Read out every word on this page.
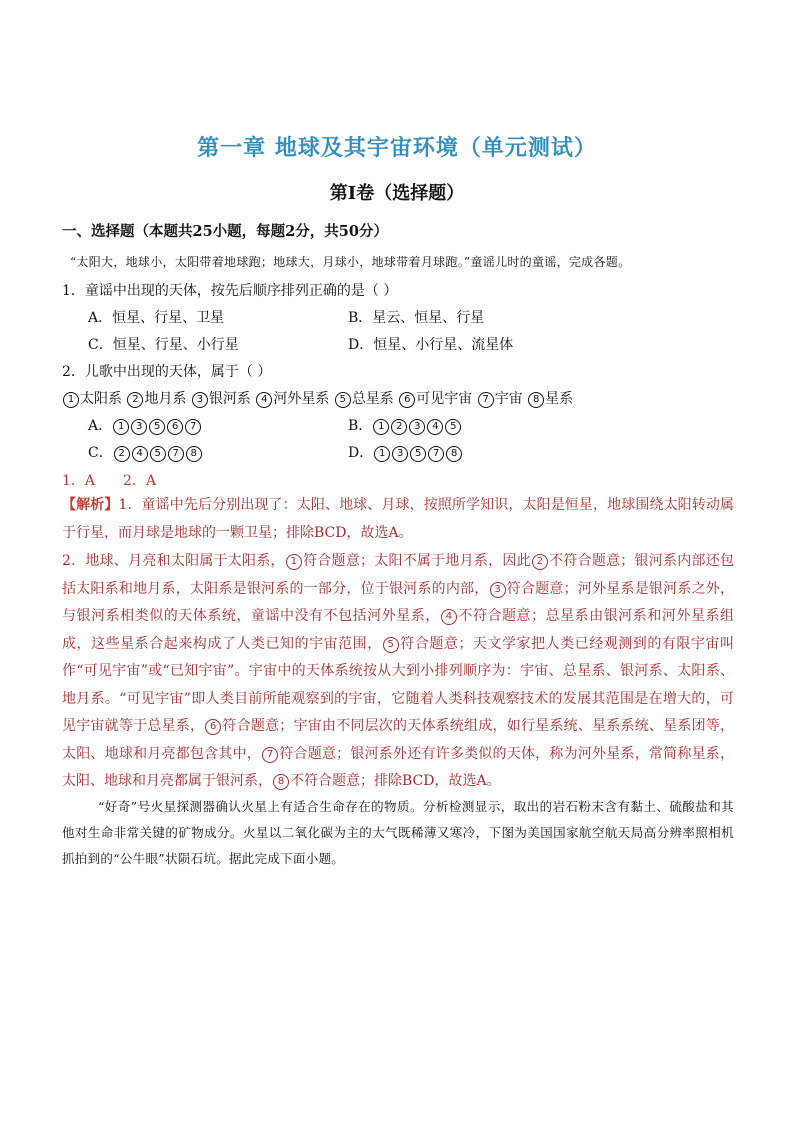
第一章 地球及其宇宙环境（单元测试）
第Ⅰ卷（选择题）
一、选择题（本题共25小题，每题2分，共50分）
“太阳大，地球小，太阳带着地球跑；地球大，月球小，地球带着月球跑。”童谣儿时的童谣，完成各题。
1．童谣中出现的天体，按先后顺序排列正确的是（ ）
A．恒星、行星、卫星	B．星云、恒星、行星
C．恒星、行星、小行星	D．恒星、小行星、流星体
2．儿歌中出现的天体，属于（ ）
1 太阳系 2 地月系 3 银河系 4 河外星系 5 总星系 6 可见宇宙 7 宇宙 8 星系
A． 1 3 5 6 7	B． 1 2 3 4 5
C． 2 4 5 7 8	D． 1 3 5 7 8
1．A 2．A

【解析】1．童谣中先后分别出现了：太阳、地球、月球，按照所学知识，太阳是恒星，地球围绕太阳转动属于行星，而月球是地球的一颗卫星；排除BCD，故选A。

2．地球、月亮和太阳属于太阳系， 1 符合题意；太阳不属于地月系，因此 2 不符合题意；银河系内部还包括太阳系和地月系，太阳系是银河系的一部分，位于银河系的内部， 3 符合题意；河外星系是银河系之外，与银河系相类似的天体系统，童谣中没有不包括河外星系， 4 不符合题意；总星系由银河系和河外星系组成，这些星系合起来构成了人类已知的宇宙范围， 5 符合题意；天文学家把人类已经观测到的有限宇宙叫作“可见宇宙”或“已知宇宙”。宇宙中的天体系统按从大到小排列顺序为：宇宙、总星系、银河系、太阳系、地月系。“可见宇宙”即人类目前所能观察到的宇宙，它随着人类科技观察技术的发展其范围是在增大的，可见宇宙就等于总星系， 6 符合题意；宇宙由不同层次的天体系统组成，如行星系统、星系系统、星系团等，太阳、地球和月亮都包含其中， 7 符合题意；银河系外还有许多类似的天体，称为河外星系，常简称星系，太阳、地球和月亮都属于银河系， 8 不符合题意；排除BCD，故选A。

“好奇”号火星探测器确认火星上有适合生命存在的物质。分析检测显示，取出的岩石粉末含有黏土、硫酸盐和其他对生命非常关键的矿物成分。火星以二氧化碳为主的大气既稀薄又寒冷，下图为美国国家航空航天局高分辨率照相机抓拍到的“公牛眼”状陨石坑。据此完成下面小题。
